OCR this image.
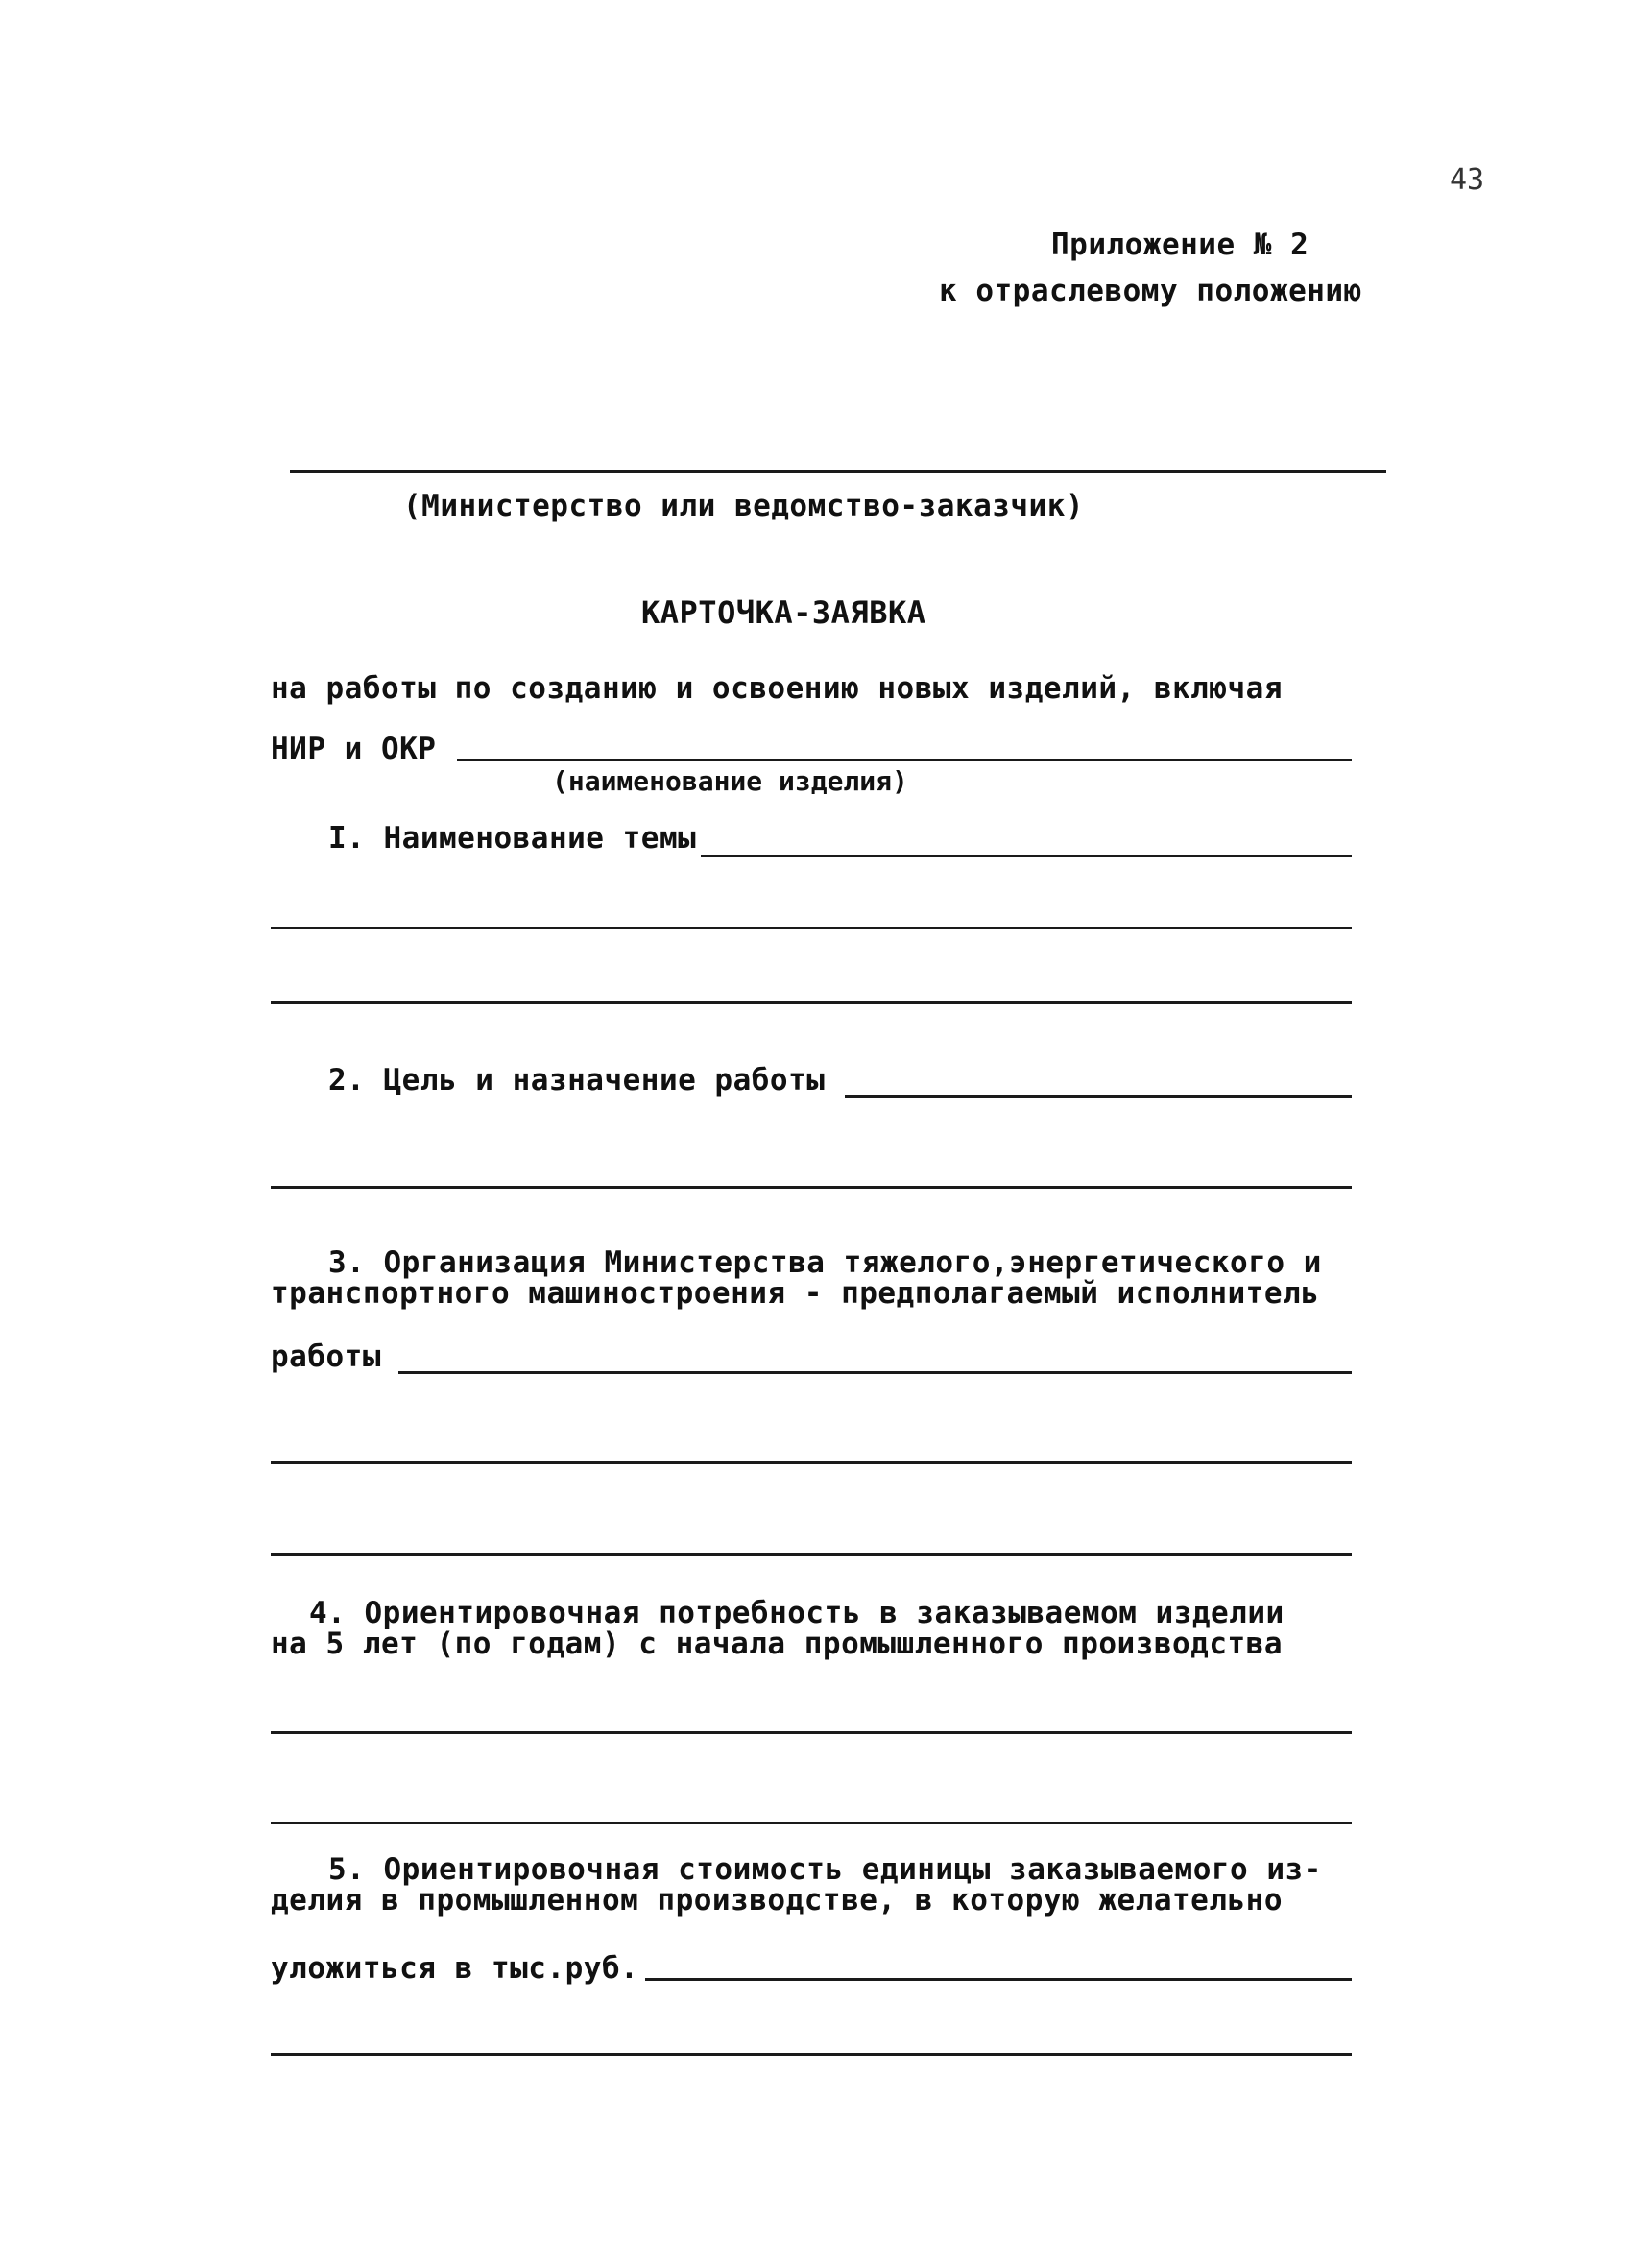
43
Приложение № 2
к отраслевому положению
(Министерство или ведомство-заказчик)
КАРТОЧКА-ЗАЯВКА
на работы по созданию и освоению новых изделий, включая
НИР и ОКР
(наименование изделия)
I. Наименование темы
2. Цель и назначение работы
3. Организация Министерства тяжелого,энергетического и
транспортного машиностроения - предполагаемый исполнитель
работы
4. Ориентировочная потребность в заказываемом изделии
на 5 лет (по годам) с начала промышленного производства
5. Ориентировочная стоимость единицы заказываемого из-
делия в промышленном производстве, в которую желательно
уложиться в тыс.руб.
